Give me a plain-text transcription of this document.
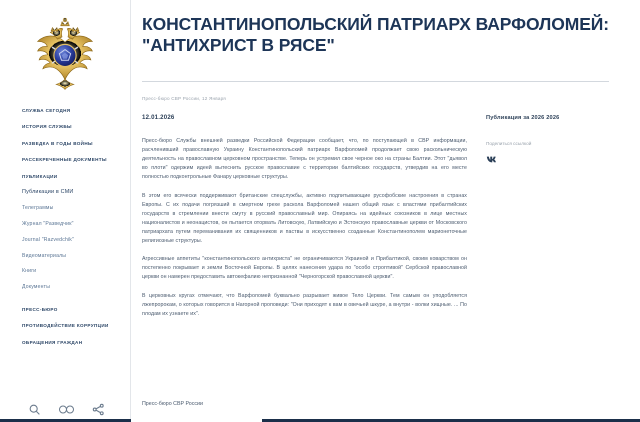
СЛУЖБА СЕГОДНЯ
ИСТОРИЯ СЛУЖБЫ
РАЗВЕДКА В ГОДЫ ВОЙНЫ
РАССЕКРЕЧЕННЫЕ ДОКУМЕНТЫ
ПУБЛИКАЦИИ
Публикации в СМИ
Телеграммы
Журнал "Разведчик"
Journal "Razvedchik"
Видеоматериалы
Книги
Документы
ПРЕСС-БЮРО
ПРОТИВОДЕЙСТВИЕ КОРРУПЦИИ
ОБРАЩЕНИЯ ГРАЖДАН
КОНСТАНТИНОПОЛЬСКИЙ ПАТРИАРХ ВАРФОЛОМЕЙ: "АНТИХРИСТ В РЯСЕ"
Пресс-бюро СВР России, 12 Января
12.01.2026

Пресс-бюро Службы внешней разведки Российской Федерации сообщает, что, по поступающей в СВР информации, расчленивший православную Украину Константинопольский патриарх Варфоломей продолжает свою раскольническую деятельность на православном церковном пространстве. Теперь он устремил свое черное око на страны Балтии. Этот "дьявол во плоти" одержим идеей вытеснить русское православие с территории балтийских государств, утвердив на его месте полностью подконтрольные Фанару церковные структуры.

В этом его всячески поддерживают британские спецслужбы, активно подпитывающие русофобские настроения в странах Европы. С их подачи погрязший в смертном грехе раскола Варфоломей нашел общий язык с властями прибалтийских государств в стремлении внести смуту в русский православный мир. Опираясь на идейных союзников в лице местных националистов и неонацистов, он пытается оторвать Литовскую, Латвийскую и Эстонскую православные церкви от Московского патриархата путем переманивания их священников и паствы в искусственно созданные Константинополем марионеточные религиозные структуры.

Агрессивные аппетиты "константинопольского антихриста" не ограничиваются Украиной и Прибалтикой, своим коварством он постепенно покрывает и земли Восточной Европы. В целях нанесения удара по "особо строптивой" Сербской православной церкви он намерен предоставить автокефалию непризнанной "Черногорской православной церкви".

В церковных кругах отмечают, что Варфоломей буквально разрывает живое Тело Церкви. Тем самым он уподобляется лжепророкам, о которых говорится в Нагорной проповеди: "Они приходят к вам в овечьей шкуре, а внутри - волки хищные. ... По плодам их узнаете их".

Пресс-бюро СВР России
Публикация за 2026 2026
Поделиться ссылкой
